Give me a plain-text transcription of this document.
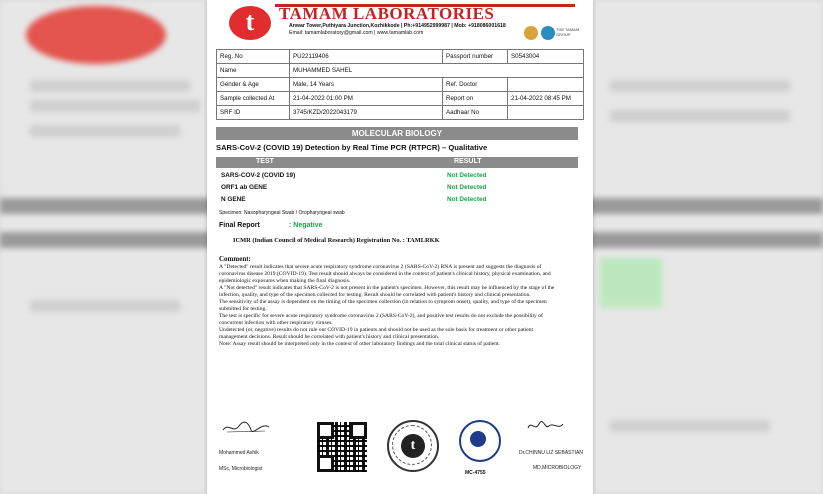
t	TAMAM LABORATORIES
Anwar Tower,Puthiyara Junction,Kozhikkode | Ph:+914952999987 | Mob: +918086001618
Email: tamamlaboratory@gmail.com | www.tamamlab.com
THE TAMAM GROUP
Reg. No	PU22119406	Passport number	S0543004
Name	MUHAMMED SAHEL		
Gender & Age	Male, 14 Years	Ref. Doctor	
Sample collected At	21-04-2022 01:00 PM	Report on	21-04-2022 08:45 PM
SRF ID	3745/KZD/2022043179	Aadhaar No	
MOLECULAR BIOLOGY
SARS-CoV-2 (COVID 19) Detection by Real Time PCR (RTPCR) – Qualitative
TEST	RESULT
SARS-COV-2 (COVID 19)	Not Detected
ORF1 ab GENE	Not Detected
N GENE	Not Detected
Specimen: Nasopharyngeal Swab / Oropharyngeal swab
Final Report	: Negative
ICMR (Indian Council of Medical Research) Registration No. : TAMLRKK
Comment:

A "Detected" result indicates that severe acute respiratory syndrome coronavirus 2 (SARS-CoV-2) RNA is present and suggests the diagnosis of coronavirus disease 2019 (COVID-19). Test result should always be considered in the context of patient's clinical history, physical examination, and epidemiologic exposures when making the final diagnosis.

A "Not detected" result indicates that SARS-CoV-2 is not present in the patient's specimen. However, this result may be influenced by the stage of the infection, quality, and type of the specimen collected for testing. Result should be correlated with patient's history and clinical presentation.

The sensitivity of the assay is dependent on the timing of the specimen collection (in relation to symptom onset), quality, and type of the specimen submitted for testing.

The test is specific for severe acute respiratory syndrome coronavirus 2 (SARS-CoV-2), and positive test results do not exclude the possibility of concurrent infection with other respiratory viruses.

Undetected (or, negative) results do not rule out COVID-19 in patients and should not be used as the sole basis for treatment or other patient management decisions. Result should be correlated with patient's history and clinical presentation.

Note: Assay result should be interpreted only in the context of other laboratory findings and the total clinical status of patient.

Mohammed Ashik
MSc, Microbiologist
t
MC-4755
Dr.CHINNU LIZ SEBASTIAN
MD,MICROBIOLOGY
